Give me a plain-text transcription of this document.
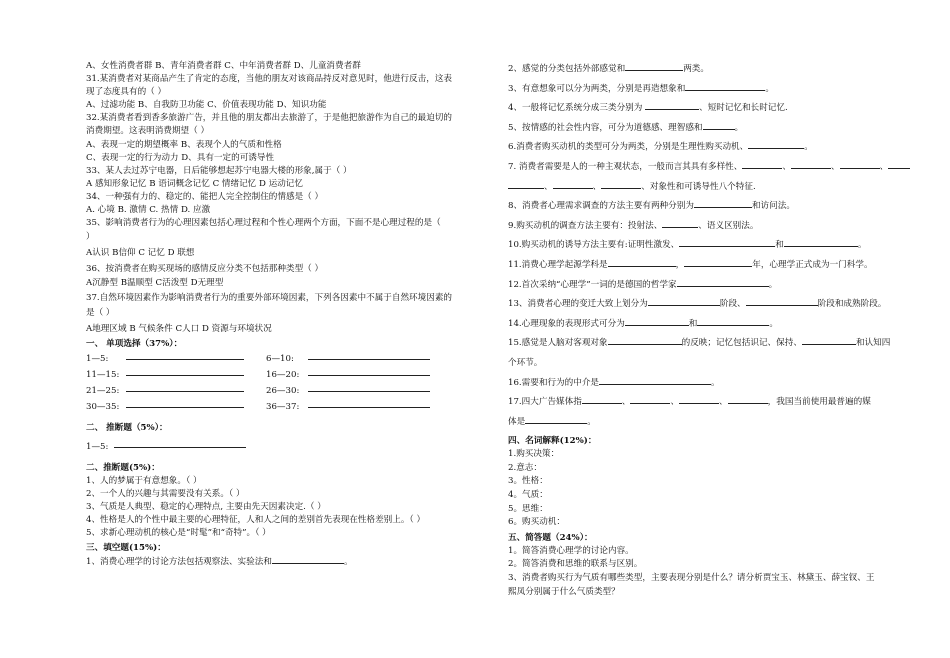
A、女性消费者群 B、青年消费者群 C、中年消费者群 D、儿童消费者群
31.某消费者对某商品产生了肯定的态度，当他的朋友对该商品持反对意见时，他进行反击，这表
现了态度具有的（ ）
A、过滤功能 B、自我防卫功能 C、价值表现功能 D、知识功能
32.某消费者看到香多旅游广告，并且他的朋友都出去旅游了，于是他把旅游作为自己的最迫切的
消费期望。这表明消费期望（ ）
A、表现一定的期望概率 B、表现个人的气质和性格
C、表现一定的行为动力 D、具有一定的可诱导性
33、某人去过苏宁电器，日后能够想起苏宁电器大楼的形象,属于（ ）
A 感知形象记忆 B 语词概念记忆 C 情绪记忆 D 运动记忆
34、一种强有力的、稳定的、能把人完全控制住的情感是（ ）
A. 心境 B. 激情 C. 热情 D. 应激
35、影响消费者行为的心理因素包括心理过程和个性心理两个方面，下面不是心理过程的是（
）
A认识 B信仰 C 记忆 D 联想
36、按消费者在购买现场的感情反应分类不包括那种类型（ ）
A沉静型 B温顺型 C活泼型 D无理型
37.自然环境因素作为影响消费者行为的重要外部环境因素，下列各因素中不属于自然环境因素的
是（ ）
A地理区域 B 气候条件 C人口 D 资源与环境状况
一、 单项选择（37%）：
1—5:	6—10:
11—15:	16—20:
21—25:	26—30:
30—35:	36—37:
二、 推断题（5%）：
1—5:
二、推断题(5%)：
1、人的梦属于有意想象。（ ）
2、一个人的兴趣与其需要没有关系。（ ）
3、气质是人典型、稳定的心理特点, 主要由先天因素决定.（ ）
4、性格是人的个性中最主要的心理特征，人和人之间的差别首先表现在性格差别上。（ ）
5、求新心理动机的核心是“时髦”和“奇特”。（ ）
三、填空题(15%)：
1、消费心理学的讨论方法包括观察法、实验法和	。
2、感觉的分类包括外部感觉和	两类。
3、有意想象可以分为两类，分别是再造想象和	。
4、一般将记忆系统分成三类分别为	、短时记忆和长时记忆.
5、按情感的社会性内容，可分为道德感、理智感和	。
6.消费者购买动机的类型可分为两类，分别是生理性购买动机、	。
7. 消费者需要是人的一种主观状态，一般而言其具有多样性、	、	、	、
、	、	、对象性和可诱导性八个特征.
8、消费者心理需求调查的方法主要有两种分别为	和访问法。
9.购买动机的调查方法主要有：投射法、	、语义区别法。
10.购买动机的诱导方法主要有:证明性激发、	和	。
11.消费心理学起源学科是	，	年，心理学正式成为一门科学。
12.首次采纳“心理学”一词的是德国的哲学家	。
13、消费者心理的变迁大致上划分为	阶段、	阶段和成熟阶段。
14.心理现象的表现形式可分为	和	。
15.感觉是人脑对客观对象	的反映；记忆包括识记、保持、	和认知四
个环节。
16.需要和行为的中介是	。
17.四大广告媒体指	、	、	、	，我国当前使用最普遍的媒
体是	。
四、名词解释(12%)：
1.购买决策：
2.意志：
3。性格：
4。气质：
5。思维：
6。购买动机：
五、简答题（24%）：
1。简答消费心理学的讨论内容。
2。简答消费和思维的联系与区别。
3、消费者购买行为气质有哪些类型，主要表现分别是什么？请分析贾宝玉、林黛玉、薛宝钗、王
熙凤分别属于什么气质类型？
